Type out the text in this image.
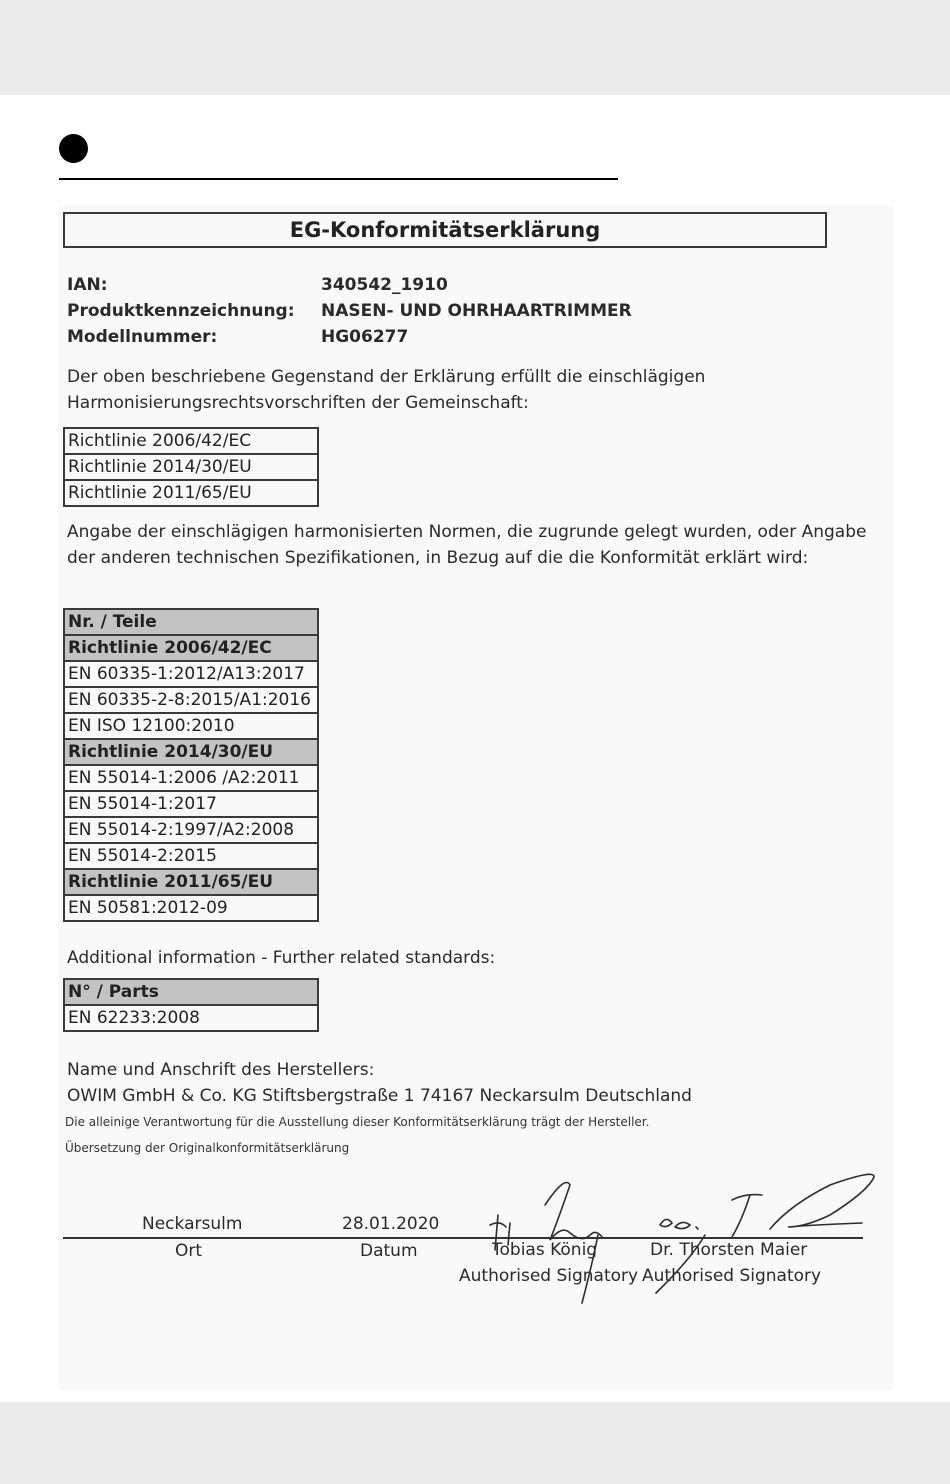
EG-Konformitätserklärung
IAN:	340542_1910
Produktkennzeichnung: NASEN- UND OHRHAARTRIMMER
Modellnummer:	HG06277
Der oben beschriebene Gegenstand der Erklärung erfüllt die einschlägigen
Harmonisierungsrechtsvorschriften der Gemeinschaft:
Richtlinie 2006/42/EC
Richtlinie 2014/30/EU
Richtlinie 2011/65/EU
Angabe der einschlägigen harmonisierten Normen, die zugrunde gelegt wurden, oder Angabe
der anderen technischen Spezifikationen, in Bezug auf die die Konformität erklärt wird:
Nr. / Teile
Richtlinie 2006/42/EC
EN 60335-1:2012/A13:2017
EN 60335-2-8:2015/A1:2016
EN ISO 12100:2010
Richtlinie 2014/30/EU
EN 55014-1:2006 /A2:2011
EN 55014-1:2017
EN 55014-2:1997/A2:2008
EN 55014-2:2015
Richtlinie 2011/65/EU
EN 50581:2012-09
Additional information - Further related standards:
N° / Parts
EN 62233:2008
Name und Anschrift des Herstellers:
OWIM GmbH & Co. KG Stiftsbergstraße 1 74167 Neckarsulm Deutschland
Die alleinige Verantwortung für die Ausstellung dieser Konformitätserklärung trägt der Hersteller.
Übersetzung der Originalkonformitätserklärung
Neckarsulm	28.01.2020
Ort	Datum	Tobias König
Authorised Signatory
Dr. Thorsten Maier
Authorised Signatory
